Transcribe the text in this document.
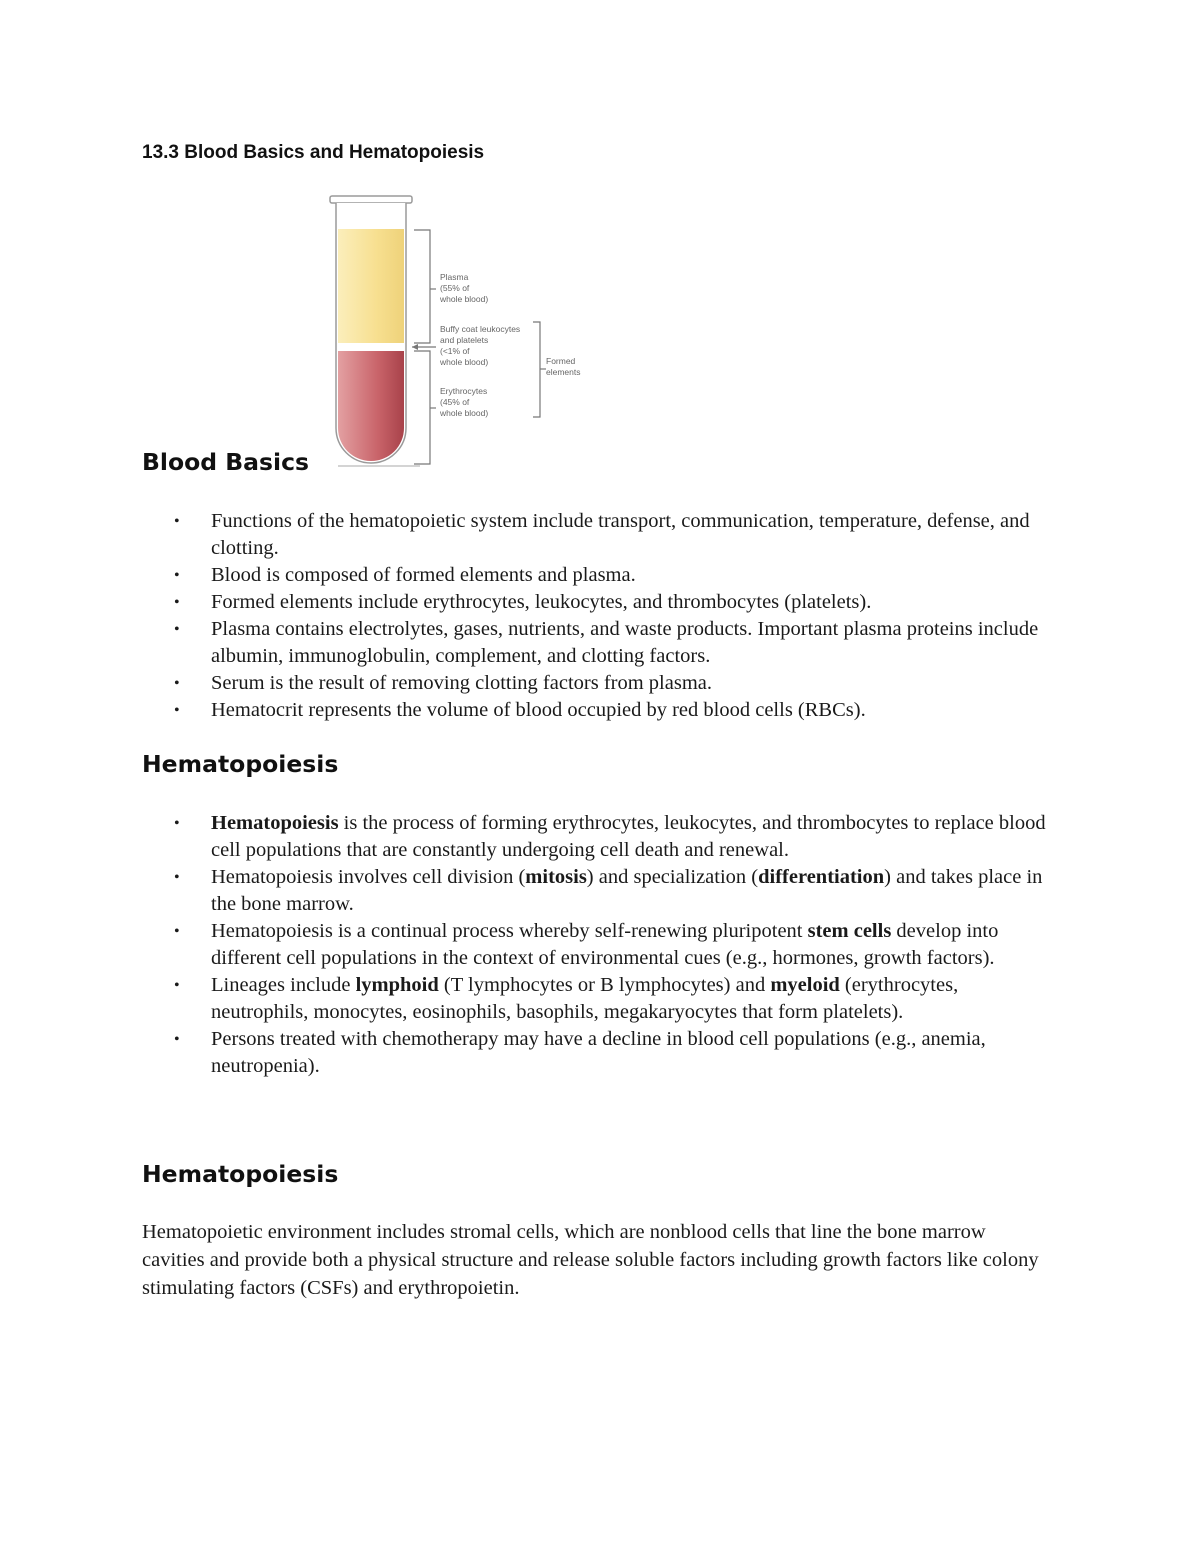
13.3 Blood Basics and Hematopoiesis
Plasma (55% of whole blood)
Buffy coat leukocytes and platelets (<1% of whole blood)	Formed elements
Erythrocytes (45% of whole blood)
Blood Basics
• Functions of the hematopoietic system include transport, communication, temperature, defense, and clotting.
• Blood is composed of formed elements and plasma.
• Formed elements include erythrocytes, leukocytes, and thrombocytes (platelets).
• Plasma contains electrolytes, gases, nutrients, and waste products. Important plasma proteins include albumin, immunoglobulin, complement, and clotting factors.
• Serum is the result of removing clotting factors from plasma.
• Hematocrit represents the volume of blood occupied by red blood cells (RBCs).
Hematopoiesis
• Hematopoiesis is the process of forming erythrocytes, leukocytes, and thrombocytes to replace blood cell populations that are constantly undergoing cell death and renewal.
• Hematopoiesis involves cell division (mitosis) and specialization (differentiation) and takes place in the bone marrow.
• Hematopoiesis is a continual process whereby self-renewing pluripotent stem cells develop into different cell populations in the context of environmental cues (e.g., hormones, growth factors).
• Lineages include lymphoid (T lymphocytes or B lymphocytes) and myeloid (erythrocytes, neutrophils, monocytes, eosinophils, basophils, megakaryocytes that form platelets).
• Persons treated with chemotherapy may have a decline in blood cell populations (e.g., anemia, neutropenia).
Hematopoiesis

Hematopoietic environment includes stromal cells, which are nonblood cells that line the bone marrow cavities and provide both a physical structure and release soluble factors including growth factors like colony stimulating factors (CSFs) and erythropoietin.
